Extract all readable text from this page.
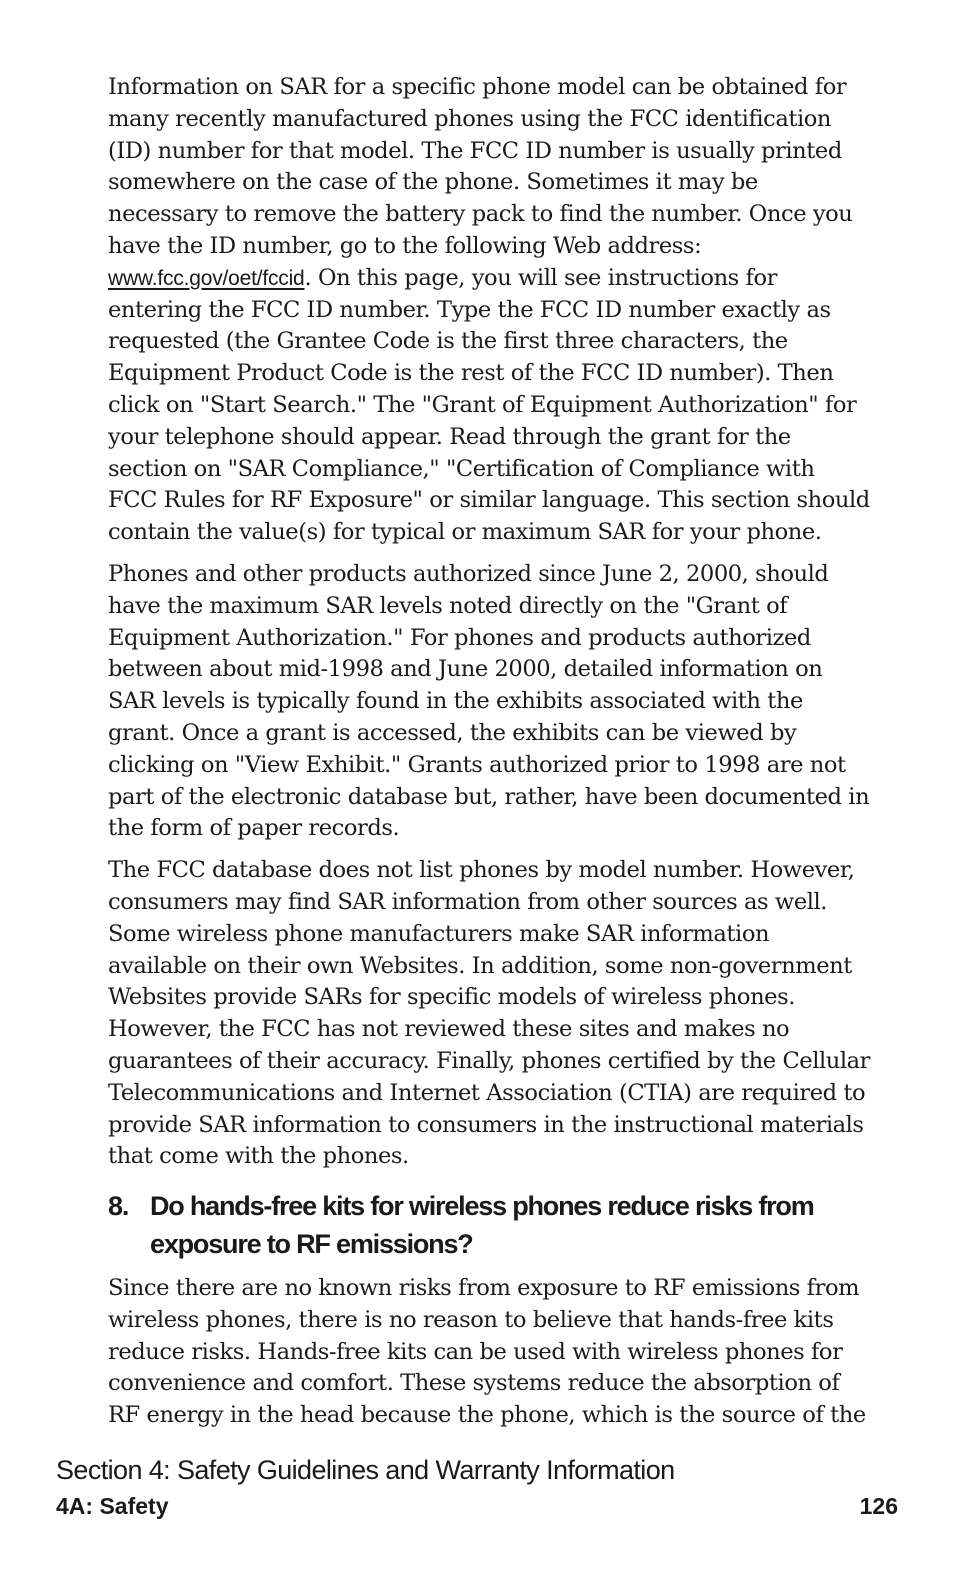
Information on SAR for a specific phone model can be obtained for many recently manufactured phones using the FCC identification (ID) number for that model. The FCC ID number is usually printed somewhere on the case of the phone. Sometimes it may be necessary to remove the battery pack to find the number. Once you have the ID number, go to the following Web address: www.fcc.gov/oet/fccid. On this page, you will see instructions for entering the FCC ID number. Type the FCC ID number exactly as requested (the Grantee Code is the first three characters, the Equipment Product Code is the rest of the FCC ID number). Then click on "Start Search." The "Grant of Equipment Authorization" for your telephone should appear. Read through the grant for the section on "SAR Compliance," "Certification of Compliance with FCC Rules for RF Exposure" or similar language. This section should contain the value(s) for typical or maximum SAR for your phone.

Phones and other products authorized since June 2, 2000, should have the maximum SAR levels noted directly on the "Grant of Equipment Authorization." For phones and products authorized between about mid-1998 and June 2000, detailed information on SAR levels is typically found in the exhibits associated with the grant. Once a grant is accessed, the exhibits can be viewed by clicking on "View Exhibit." Grants authorized prior to 1998 are not part of the electronic database but, rather, have been documented in the form of paper records.

The FCC database does not list phones by model number. However, consumers may find SAR information from other sources as well. Some wireless phone manufacturers make SAR information available on their own Websites. In addition, some non-government Websites provide SARs for specific models of wireless phones. However, the FCC has not reviewed these sites and makes no guarantees of their accuracy. Finally, phones certified by the Cellular Telecommunications and Internet Association (CTIA) are required to provide SAR information to consumers in the instructional materials that come with the phones.

8. Do hands-free kits for wireless phones reduce risks from exposure to RF emissions?

Since there are no known risks from exposure to RF emissions from wireless phones, there is no reason to believe that hands-free kits reduce risks. Hands-free kits can be used with wireless phones for convenience and comfort. These systems reduce the absorption of RF energy in the head because the phone, which is the source of the

Section 4: Safety Guidelines and Warranty Information
4A: Safety	126
